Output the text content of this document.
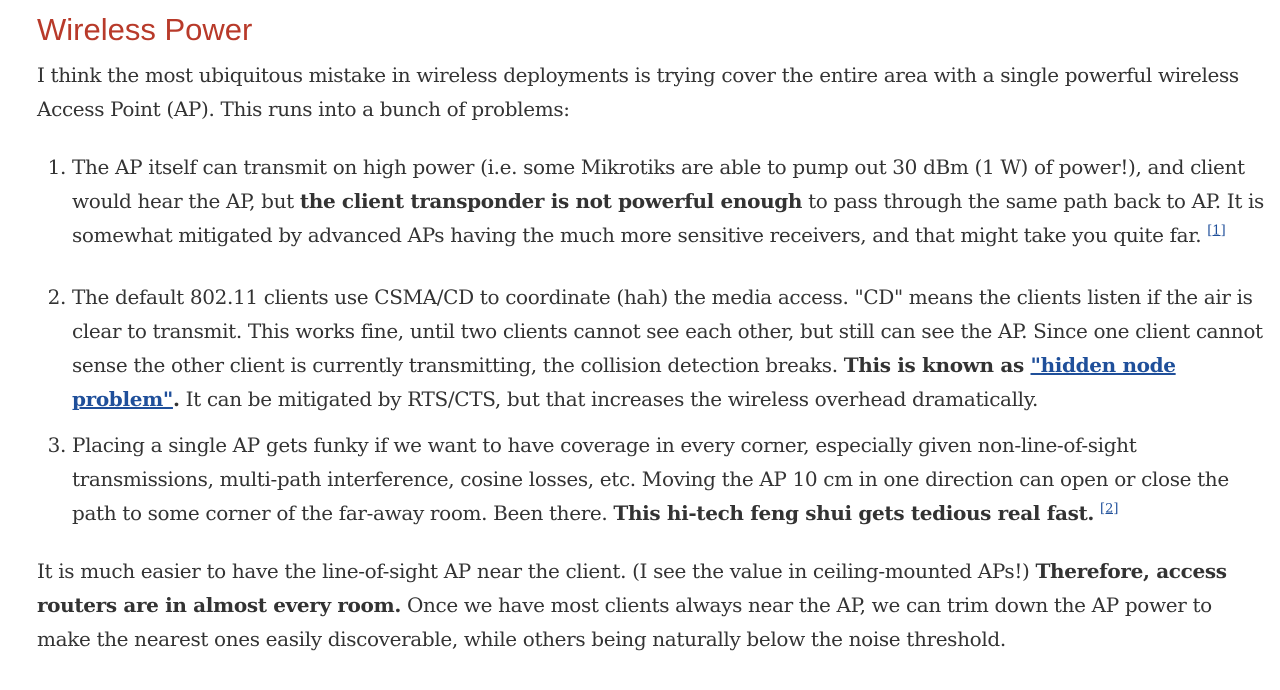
Wireless Power

I think the most ubiquitous mistake in wireless deployments is trying cover the entire area with a single powerful wireless Access Point (AP). This runs into a bunch of problems:

1. The AP itself can transmit on high power (i.e. some Mikrotiks are able to pump out 30 dBm (1 W) of power!), and client would hear the AP, but the client transponder is not powerful enough to pass through the same path back to AP. It is somewhat mitigated by advanced APs having the much more sensitive receivers, and that might take you quite far. [1]
2. The default 802.11 clients use CSMA/CD to coordinate (hah) the media access. "CD" means the clients listen if the air is clear to transmit. This works fine, until two clients cannot see each other, but still can see the AP. Since one client cannot sense the other client is currently transmitting, the collision detection breaks. This is known as "hidden node problem". It can be mitigated by RTS/CTS, but that increases the wireless overhead dramatically.
3. Placing a single AP gets funky if we want to have coverage in every corner, especially given non-line-of-sight transmissions, multi-path interference, cosine losses, etc. Moving the AP 10 cm in one direction can open or close the path to some corner of the far-away room. Been there. This hi-tech feng shui gets tedious real fast. [2]

It is much easier to have the line-of-sight AP near the client. (I see the value in ceiling-mounted APs!) Therefore, access routers are in almost every room. Once we have most clients always near the AP, we can trim down the AP power to make the nearest ones easily discoverable, while others being naturally below the noise threshold.
